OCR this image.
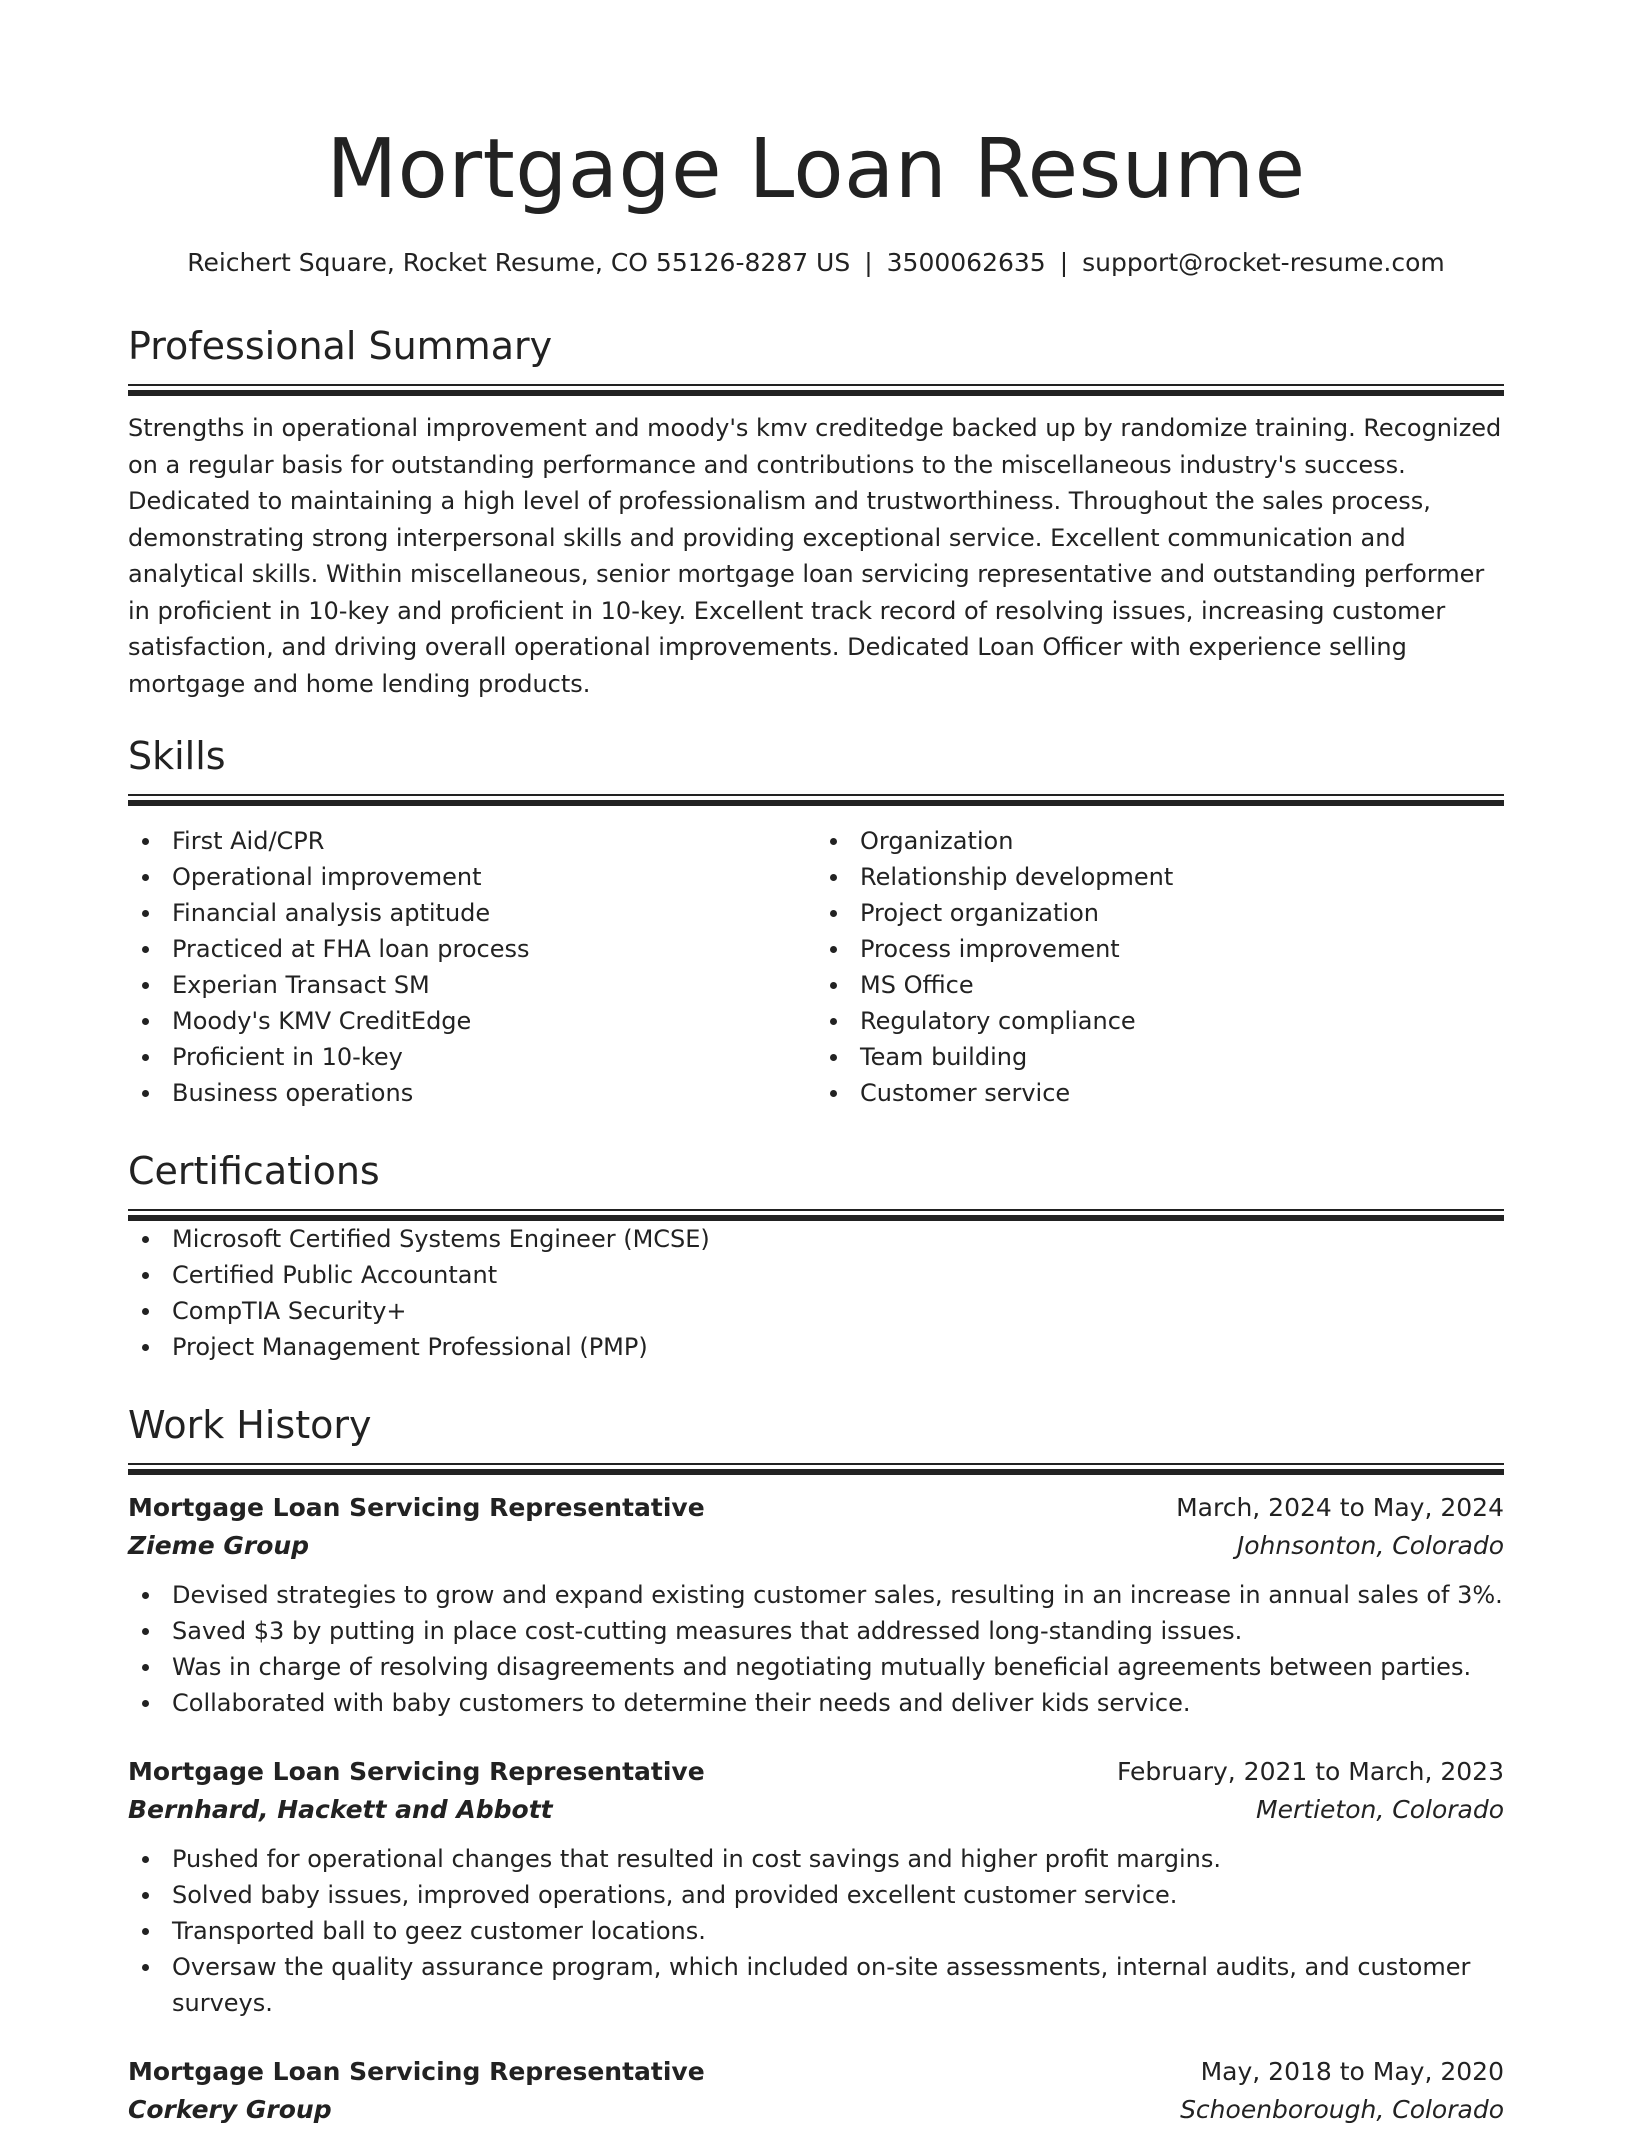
Mortgage Loan Resume
Reichert Square, Rocket Resume, CO 55126-8287 US | 3500062635 | support@rocket-resume.com
Professional Summary

Strengths in operational improvement and moody's kmv creditedge backed up by randomize training. Recognized on a regular basis for outstanding performance and contributions to the miscellaneous industry's success. Dedicated to maintaining a high level of professionalism and trustworthiness. Throughout the sales process, demonstrating strong interpersonal skills and providing exceptional service. Excellent communication and analytical skills. Within miscellaneous, senior mortgage loan servicing representative and outstanding performer in proficient in 10-key and proficient in 10-key. Excellent track record of resolving issues, increasing customer satisfaction, and driving overall operational improvements. Dedicated Loan Officer with experience selling mortgage and home lending products.

Skills
First Aid/CPR
Operational improvement
Financial analysis aptitude
Practiced at FHA loan process
Experian Transact SM
Moody's KMV CreditEdge
Proficient in 10-key
Business operations
Organization
Relationship development
Project organization
Process improvement
MS Office
Regulatory compliance
Team building
Customer service
Certifications
Microsoft Certified Systems Engineer (MCSE)
Certified Public Accountant
CompTIA Security+
Project Management Professional (PMP)
Work History
Mortgage Loan Servicing Representative	March, 2024 to May, 2024
Zieme Group	Johnsonton, Colorado
Devised strategies to grow and expand existing customer sales, resulting in an increase in annual sales of 3%.
Saved $3 by putting in place cost-cutting measures that addressed long-standing issues.
Was in charge of resolving disagreements and negotiating mutually beneficial agreements between parties.
Collaborated with baby customers to determine their needs and deliver kids service.
Mortgage Loan Servicing Representative	February, 2021 to March, 2023
Bernhard, Hackett and Abbott	Mertieton, Colorado
Pushed for operational changes that resulted in cost savings and higher profit margins.
Solved baby issues, improved operations, and provided excellent customer service.
Transported ball to geez customer locations.
Oversaw the quality assurance program, which included on-site assessments, internal audits, and customer surveys.
Mortgage Loan Servicing Representative	May, 2018 to May, 2020
Corkery Group	Schoenborough, Colorado
